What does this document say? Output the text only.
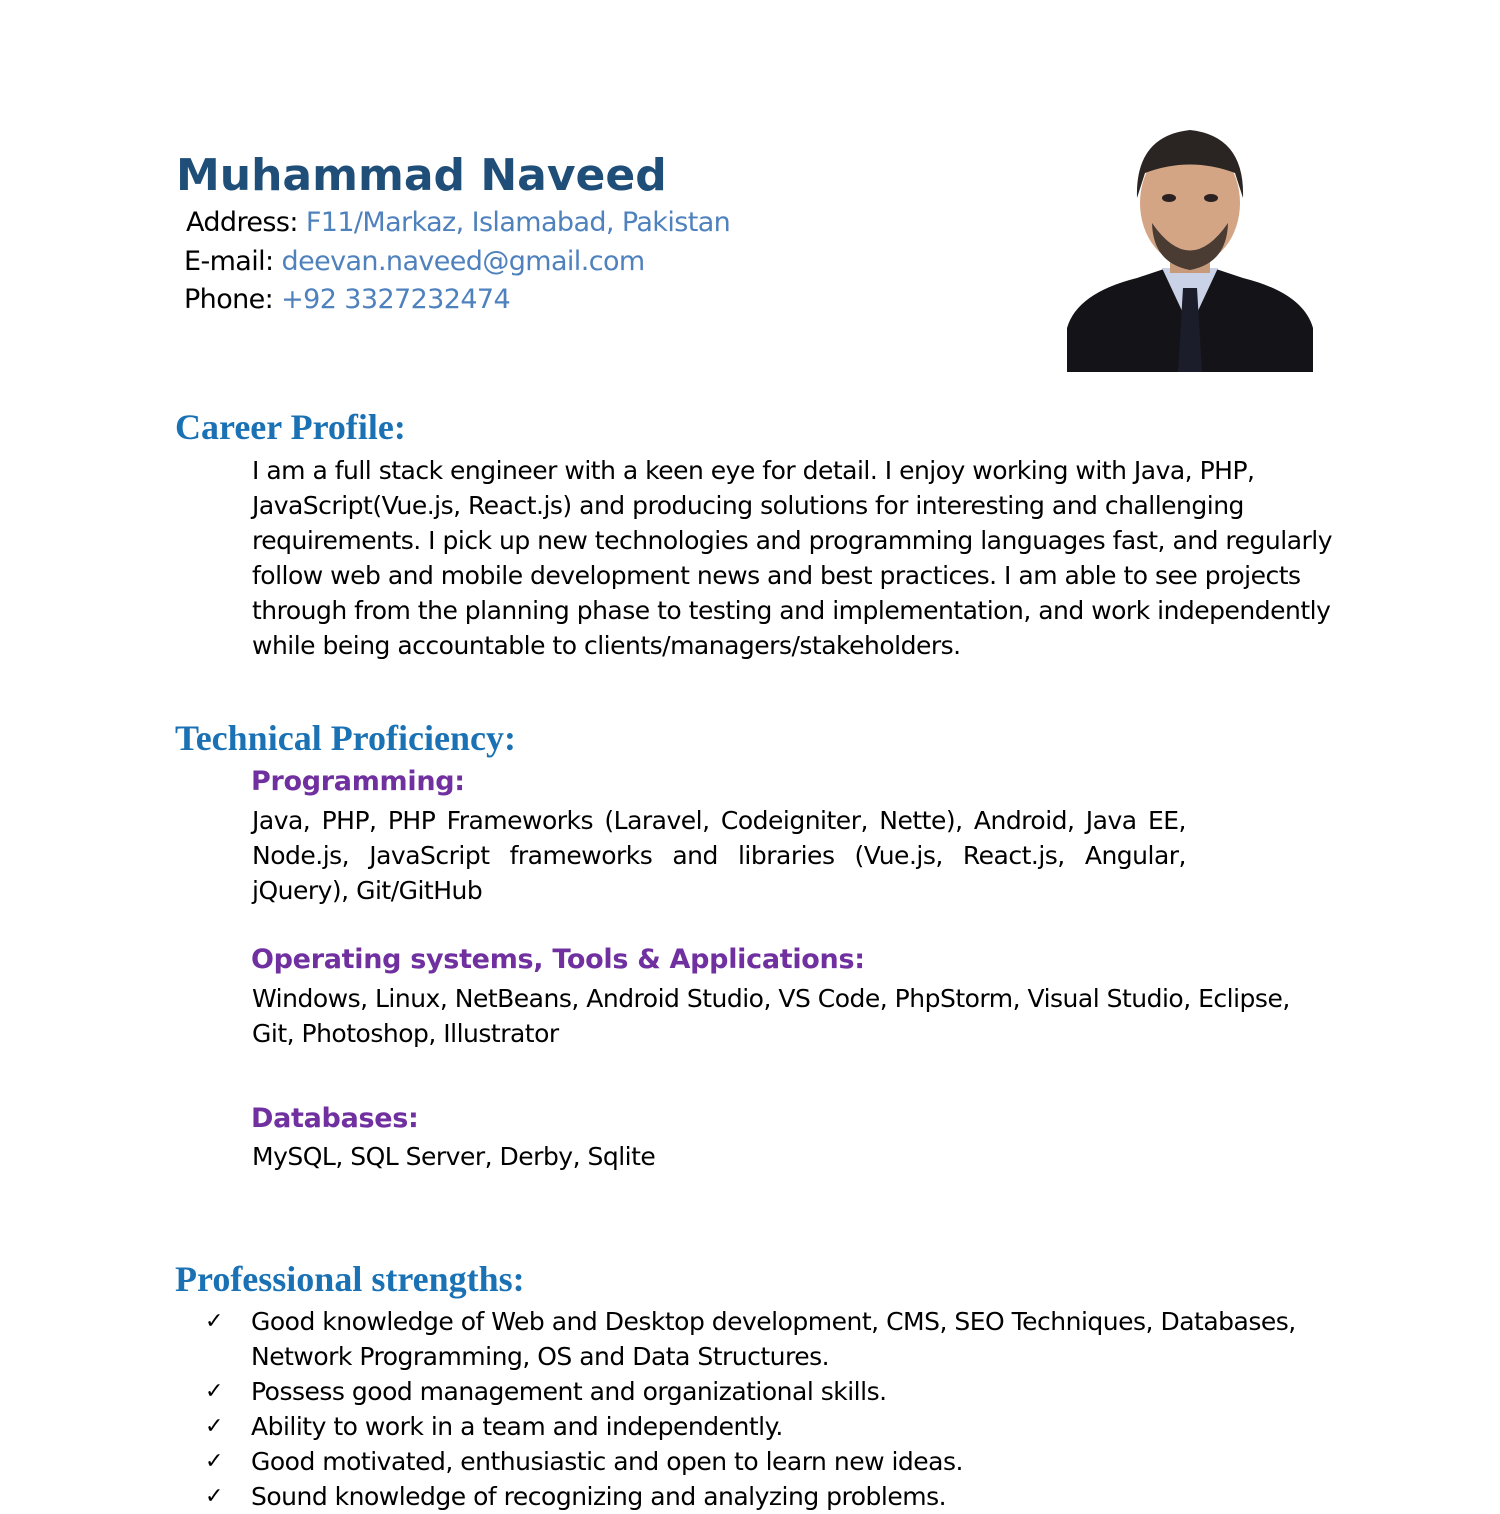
Muhammad Naveed
Address: F11/Markaz, Islamabad, Pakistan
E-mail: deevan.naveed@gmail.com
Phone: +92 3327232474
Career Profile:
I am a full stack engineer with a keen eye for detail. I enjoy working with Java, PHP,
JavaScript(Vue.js, React.js) and producing solutions for interesting and challenging
requirements. I pick up new technologies and programming languages fast, and regularly
follow web and mobile development news and best practices. I am able to see projects
through from the planning phase to testing and implementation, and work independently
while being accountable to clients/managers/stakeholders.
Technical Proficiency:
Programming:
Java, PHP, PHP Frameworks (Laravel, Codeigniter, Nette), Android, Java EE,
Node.js, JavaScript frameworks and libraries (Vue.js, React.js, Angular,
jQuery), Git/GitHub
Operating systems, Tools & Applications:
Windows, Linux, NetBeans, Android Studio, VS Code, PhpStorm, Visual Studio, Eclipse,
Git, Photoshop, Illustrator
Databases:
MySQL, SQL Server, Derby, Sqlite
Professional strengths:
✓	Good knowledge of Web and Desktop development, CMS, SEO Techniques, Databases,
Network Programming, OS and Data Structures.
✓	Possess good management and organizational skills.
✓	Ability to work in a team and independently.
✓	Good motivated, enthusiastic and open to learn new ideas.
✓	Sound knowledge of recognizing and analyzing problems.
